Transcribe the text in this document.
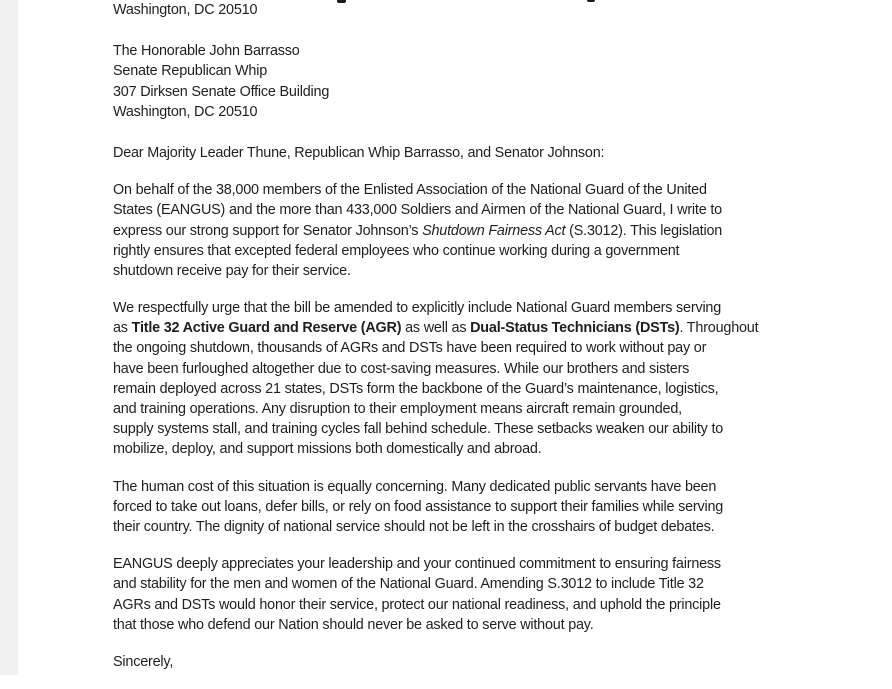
Washington, DC 20510
The Honorable John Barrasso
Senate Republican Whip
307 Dirksen Senate Office Building
Washington, DC 20510
Dear Majority Leader Thune, Republican Whip Barrasso, and Senator Johnson:
On behalf of the 38,000 members of the Enlisted Association of the National Guard of the United
States (EANGUS) and the more than 433,000 Soldiers and Airmen of the National Guard, I write to
express our strong support for Senator Johnson’s Shutdown Fairness Act (S.3012). This legislation
rightly ensures that excepted federal employees who continue working during a government
shutdown receive pay for their service.
We respectfully urge that the bill be amended to explicitly include National Guard members serving
as Title 32 Active Guard and Reserve (AGR) as well as Dual-Status Technicians (DSTs). Throughout
the ongoing shutdown, thousands of AGRs and DSTs have been required to work without pay or
have been furloughed altogether due to cost-saving measures. While our brothers and sisters
remain deployed across 21 states, DSTs form the backbone of the Guard’s maintenance, logistics,
and training operations. Any disruption to their employment means aircraft remain grounded,
supply systems stall, and training cycles fall behind schedule. These setbacks weaken our ability to
mobilize, deploy, and support missions both domestically and abroad.
The human cost of this situation is equally concerning. Many dedicated public servants have been
forced to take out loans, defer bills, or rely on food assistance to support their families while serving
their country. The dignity of national service should not be left in the crosshairs of budget debates.
EANGUS deeply appreciates your leadership and your continued commitment to ensuring fairness
and stability for the men and women of the National Guard. Amending S.3012 to include Title 32
AGRs and DSTs would honor their service, protect our national readiness, and uphold the principle
that those who defend our Nation should never be asked to serve without pay.
Sincerely,
